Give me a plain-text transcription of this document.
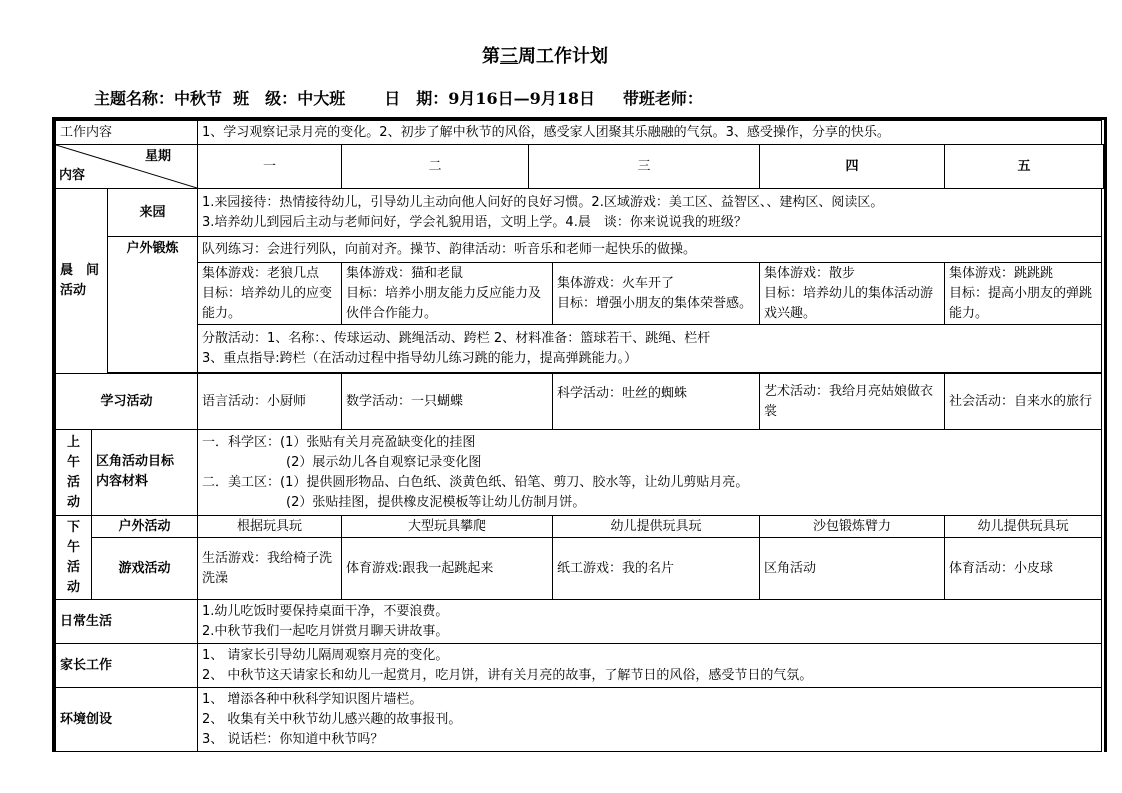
第三周工作计划
主题名称：中秋节 班　级：中大班 日　期：9月16日—9月18日 带班老师：
工作内容			1、学习观察记录月亮的变化。2、初步了解中秋节的风俗，感受家人团聚其乐融融的气氛。3、感受操作，分享的快乐。					

星期
内容			一	二	三		四	五

晨　间
活动		来园	1.来园接待：热情接待幼儿，引导幼儿主动向他人问好的良好习惯。2.区域游戏：美工区、益智区、、建构区、阅读区。
3.培养幼儿到园后主动与老师问好，学会礼貌用语，文明上学。4.晨　谈：你来说说我的班级？					

		户外锻炼	队列练习：会进行列队，向前对齐。操节、韵律活动：听音乐和老师一起快乐的做操。					

			集体游戏：老狼几点
目标：培养幼儿的应变能力。	集体游戏：猫和老鼠
目标：培养小朋友能力反应能力及伙伴合作能力。		集体游戏：火车开了
目标：增强小朋友的集体荣誉感。	集体游戏：散步
目标：培养幼儿的集体活动游戏兴趣。	集体游戏：跳跳跳
目标：提高小朋友的弹跳能力。

			分散活动：1、名称：、传球运动、跳绳活动、跨栏 2、材料准备：篮球若干、跳绳、栏杆
3、重点指导:跨栏（在活动过程中指导幼儿练习跳的能力，提高弹跳能力。）					

学习活动			语言活动：小厨师	数学活动：一只蝴蝶		科学活动：吐丝的蜘蛛	艺术活动：我给月亮姑娘做衣裳	社会活动：自来水的旅行

上
午
活
动	区角活动目标
内容材料		一．科学区：(1）张贴有关月亮盈缺变化的挂图
(2）展示幼儿各自观察记录变化图
二．美工区：(1）提供圆形物品、白色纸、淡黄色纸、铅笔、剪刀、胶水等，让幼儿剪贴月亮。
(2）张贴挂图，提供橡皮泥模板等让幼儿仿制月饼。					

下
午
活
动	户外活动		根据玩具玩	大型玩具攀爬		幼儿提供玩具玩	沙包锻炼臂力	幼儿提供玩具玩
	游戏活动		生活游戏：我给椅子洗洗澡	体育游戏:跟我一起跳起来		纸工游戏：我的名片	区角活动	体育活动：小皮球
日常生活			1.幼儿吃饭时要保持桌面干净，不要浪费。
2.中秋节我们一起吃月饼赏月聊天讲故事。					

家长工作			1、 请家长引导幼儿隔周观察月亮的变化。
2、 中秋节这天请家长和幼儿一起赏月，吃月饼，讲有关月亮的故事，了解节日的风俗，感受节日的气氛。					

环境创设			1、 增添各种中秋科学知识图片墙栏。
2、 收集有关中秋节幼儿感兴趣的故事报刊。
3、 说话栏：你知道中秋节吗？					
